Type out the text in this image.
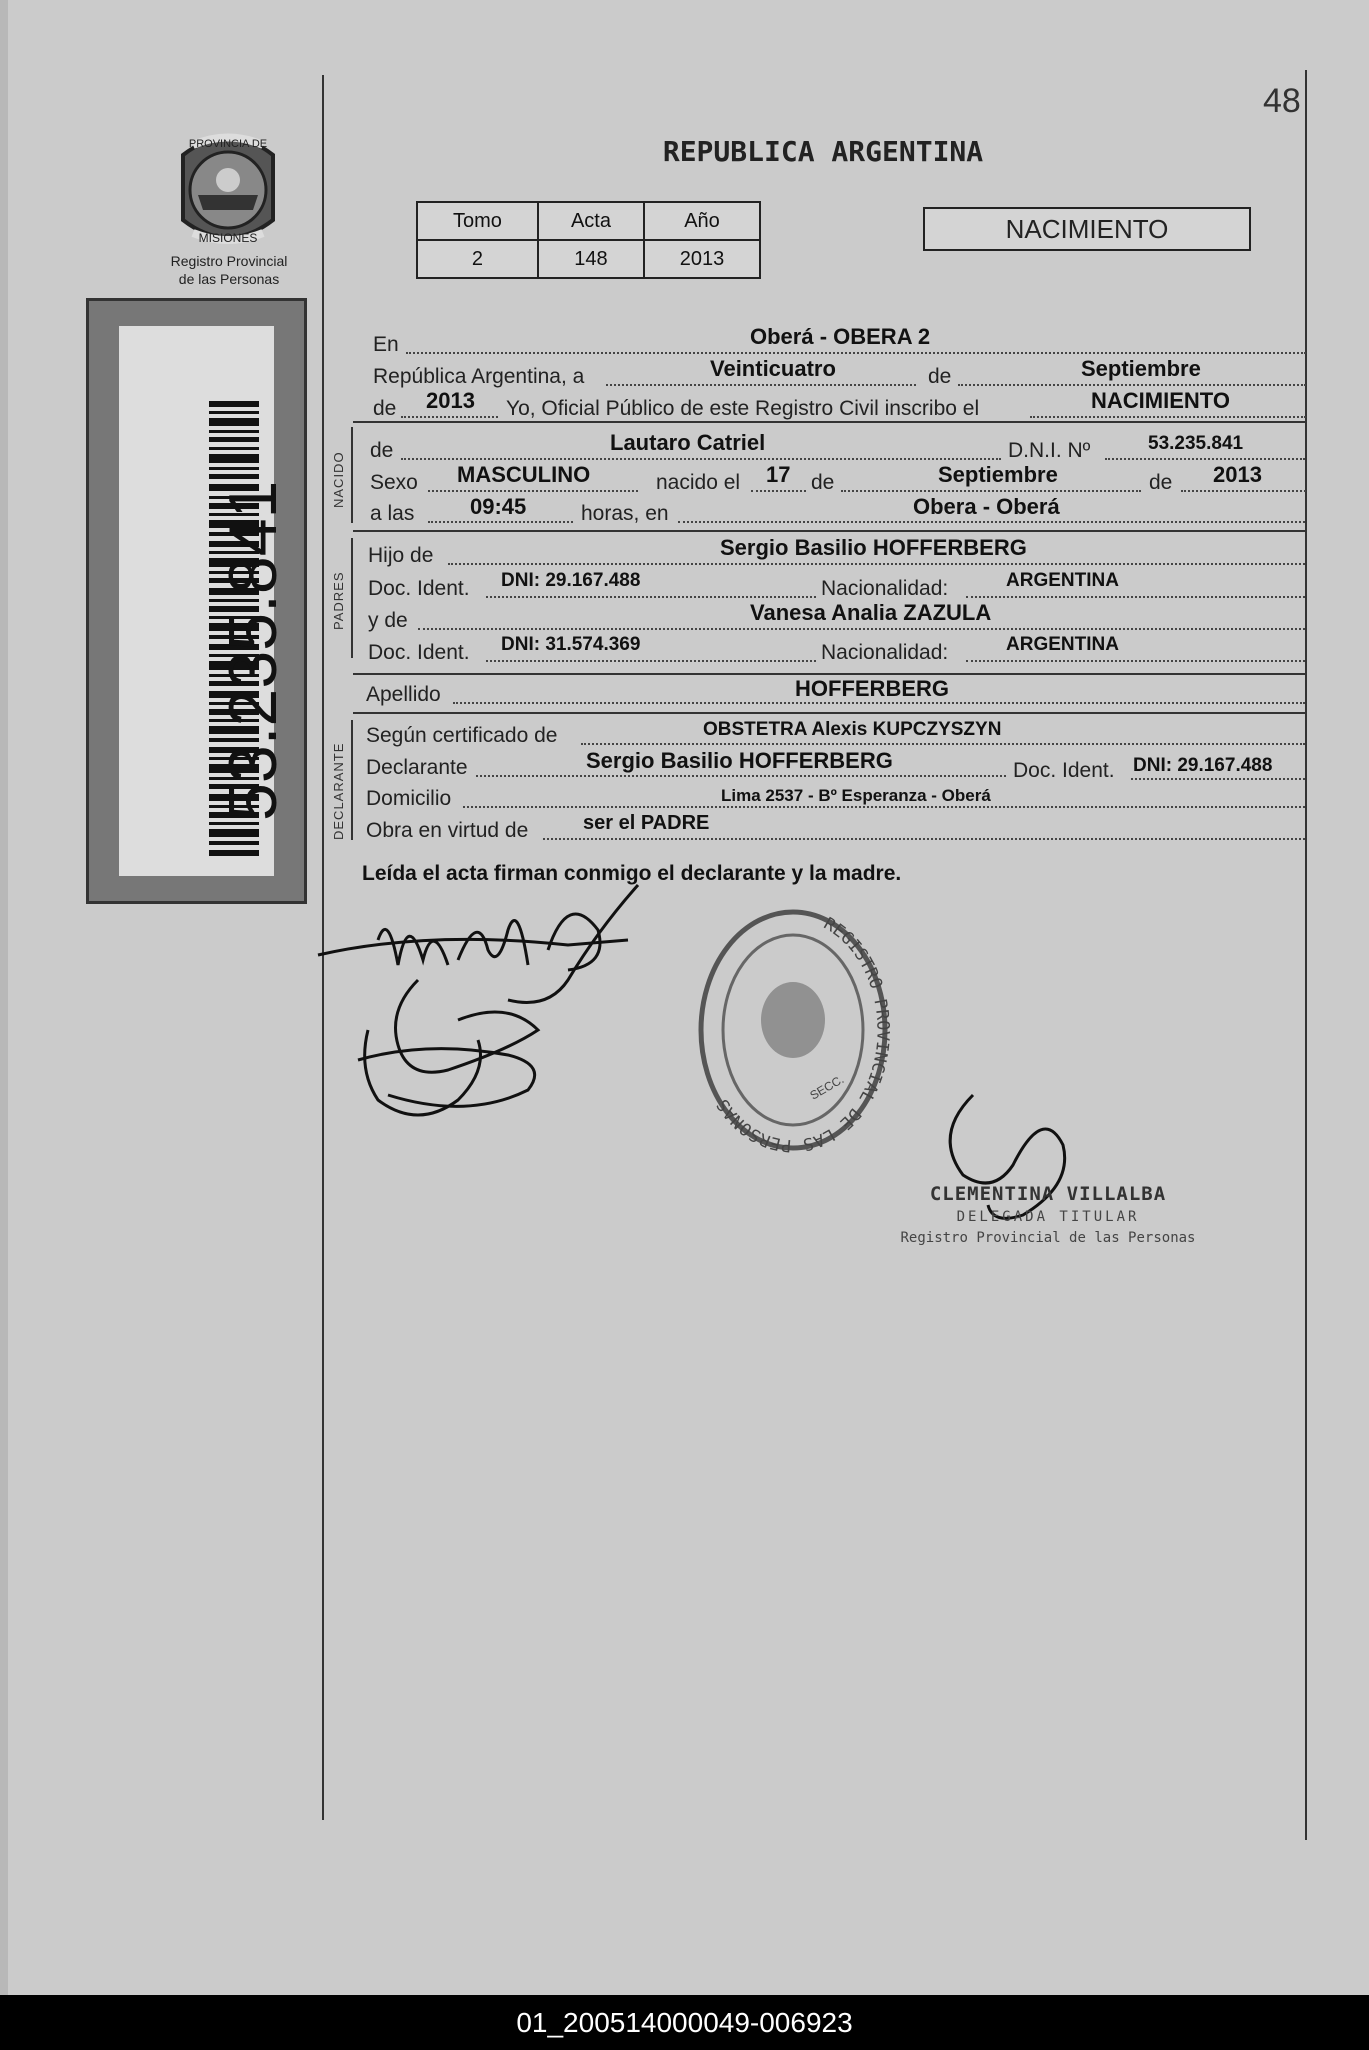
48
PROVINCIA DE
MISIONES
Registro Provincial
de las Personas
53.235.841
REPUBLICA ARGENTINA
Tomo	Acta	Año
2	148	2013
NACIMIENTO
NACIDO
PADRES
DECLARANTE
En	Oberá - OBERA 2
República Argentina, a	Veinticuatro	de	Septiembre
de 2013 Yo, Oficial Público de este Registro Civil inscribo el	NACIMIENTO
de	Lautaro Catriel	D.N.I. Nº	53.235.841
Sexo MASCULINO	nacido el 17 de	Septiembre	de 2013
a las	09:45	horas, en	Obera - Oberá
Hijo de	Sergio Basilio HOFFERBERG
Doc. Ident. DNI: 29.167.488	Nacionalidad:	ARGENTINA
y de	Vanesa Analia ZAZULA
Doc. Ident. DNI: 31.574.369	Nacionalidad:	ARGENTINA
Apellido	HOFFERBERG
Según certificado de	OBSTETRA Alexis KUPCZYSZYN
Declarante	Sergio Basilio HOFFERBERG	Doc. Ident. DNI: 29.167.488
Domicilio	Lima 2537 - Bº Esperanza - Oberá
Obra en virtud de	ser el PADRE
Leída el acta firman conmigo el declarante y la madre.
REGISTRO PROVINCIAL DE LAS PERSONAS
SECC.
CLEMENTINA VILLALBA
DELEGADA TITULAR
Registro Provincial de las Personas
01_200514000049-006923
